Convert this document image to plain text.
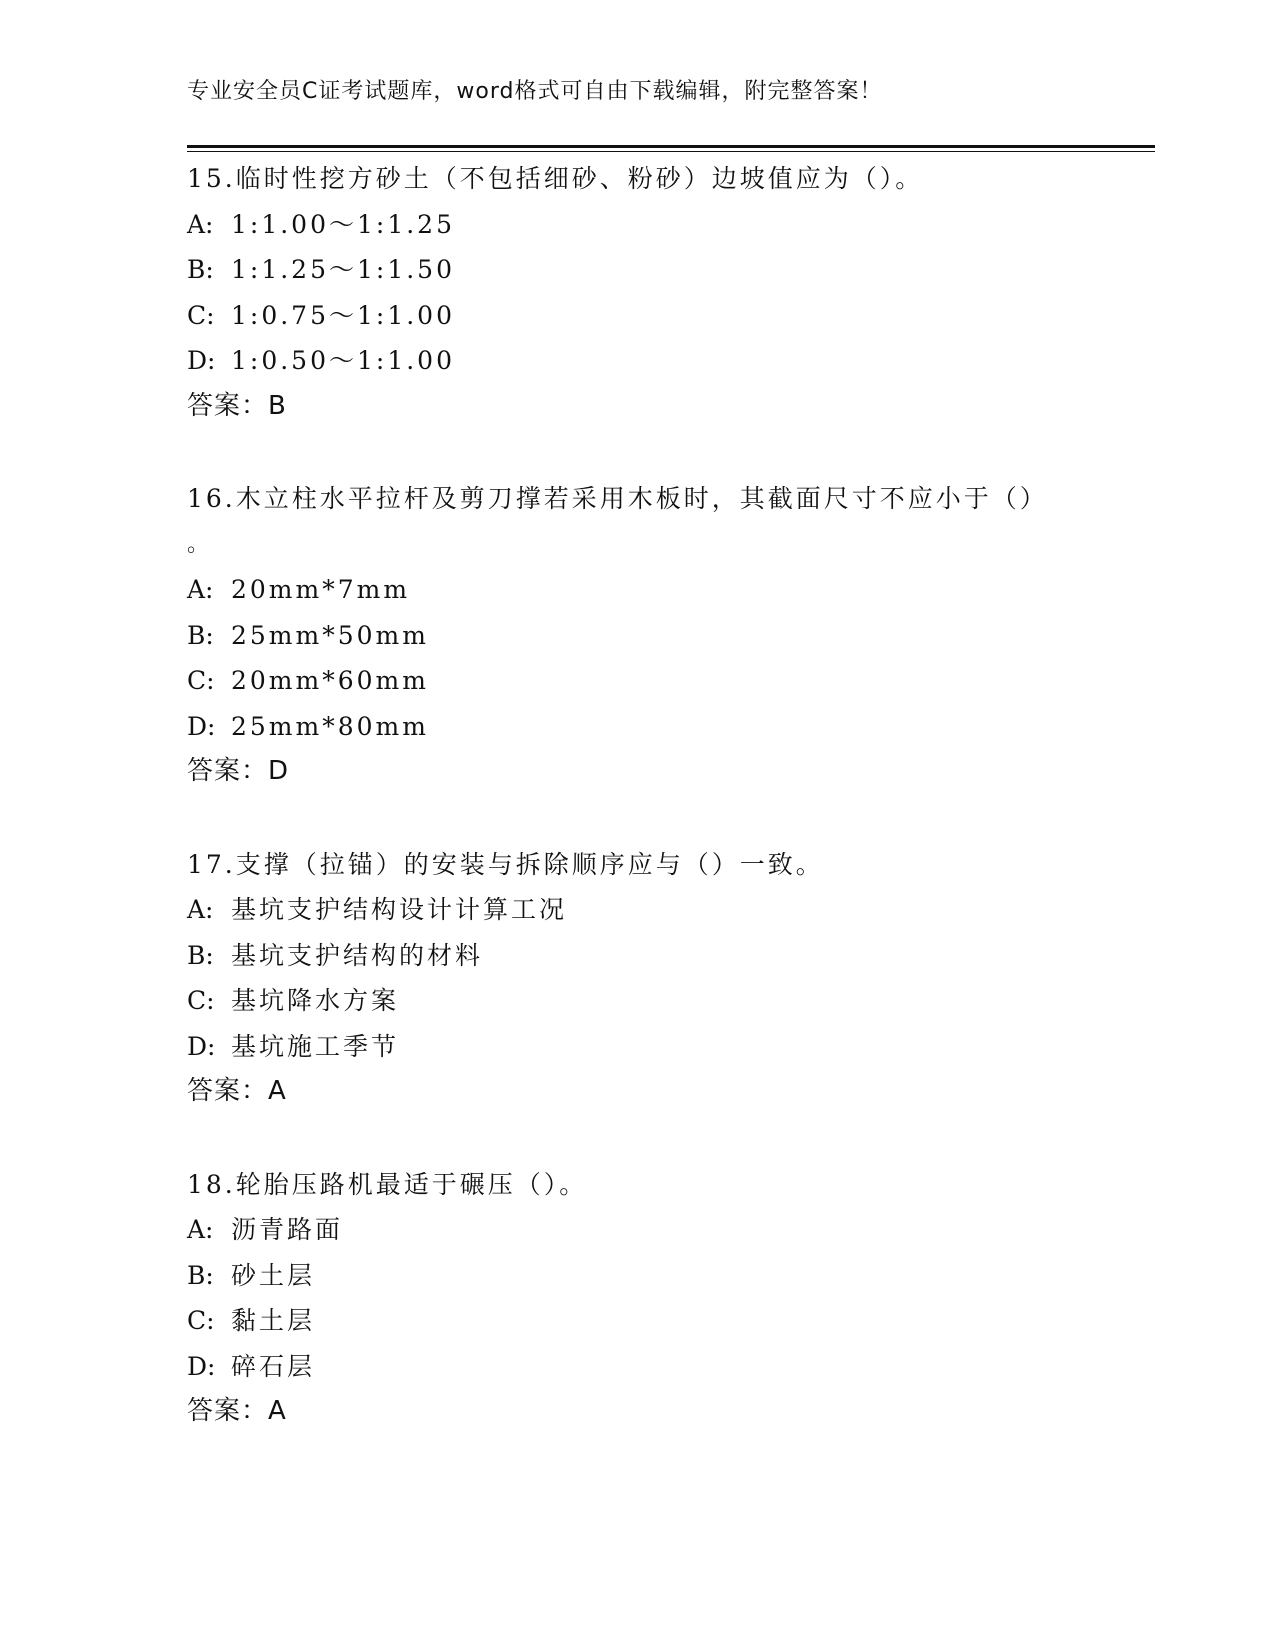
专业安全员C证考试题库，word格式可自由下载编辑，附完整答案！
15.临时性挖方砂土（不包括细砂、粉砂）边坡值应为（）。
A: 1:1.00～1:1.25
B: 1:1.25～1:1.50
C: 1:0.75～1:1.00
D: 1:0.50～1:1.00
答案：B
16.木立柱水平拉杆及剪刀撑若采用木板时，其截面尺寸不应小于（）
。
A: 20mm*7mm
B: 25mm*50mm
C: 20mm*60mm
D: 25mm*80mm
答案：D
17.支撑（拉锚）的安装与拆除顺序应与（）一致。
A: 基坑支护结构设计计算工况
B: 基坑支护结构的材料
C: 基坑降水方案
D: 基坑施工季节
答案：A
18.轮胎压路机最适于碾压（）。
A: 沥青路面
B: 砂土层
C: 黏土层
D: 碎石层
答案：A
